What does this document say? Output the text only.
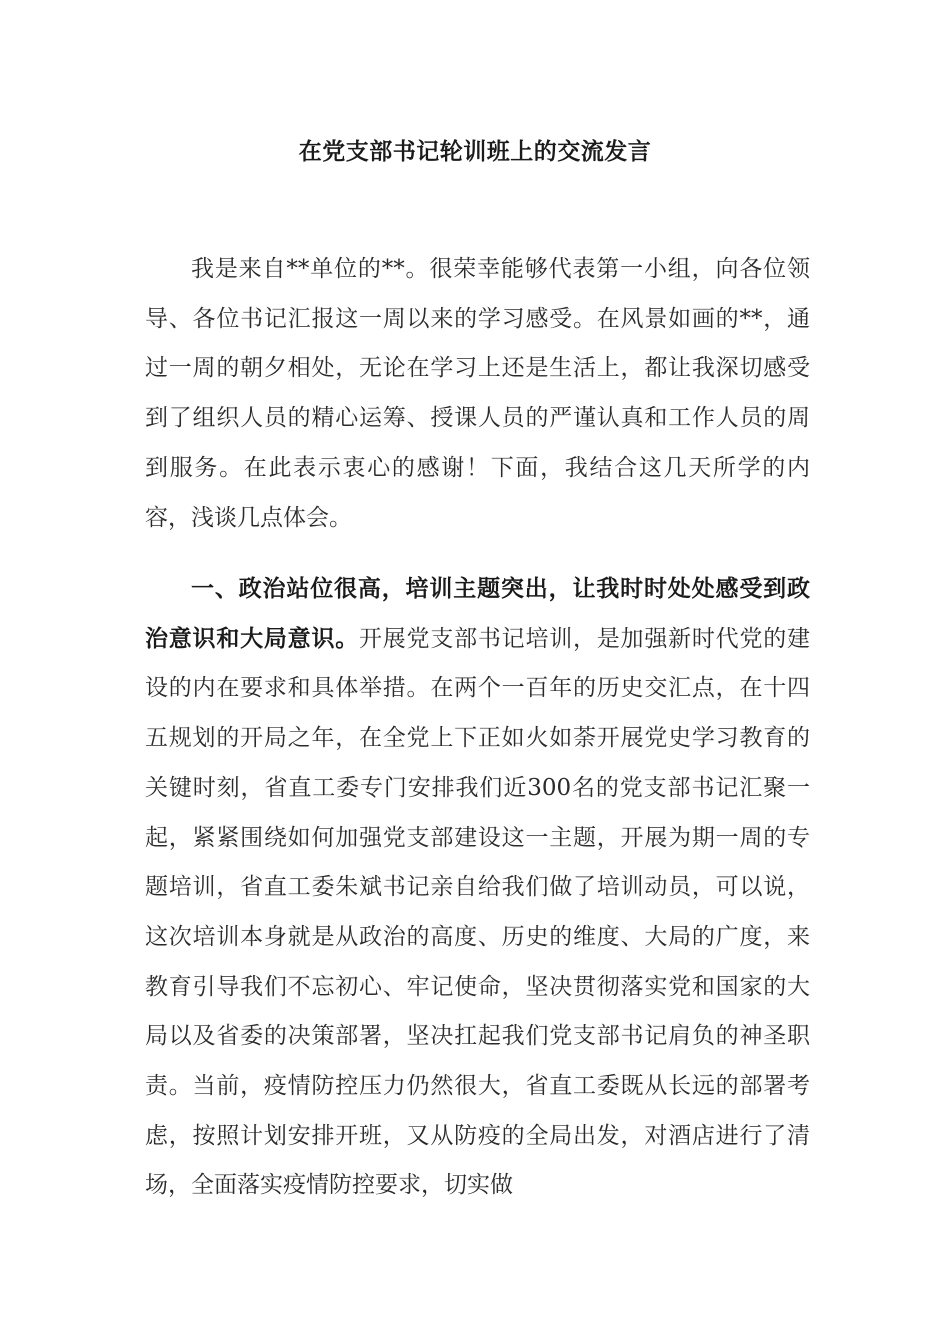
在党支部书记轮训班上的交流发言

我是来自**单位的**。很荣幸能够代表第一小组，向各位领导、各位书记汇报这一周以来的学习感受。在风景如画的**，通过一周的朝夕相处，无论在学习上还是生活上，都让我深切感受到了组织人员的精心运筹、授课人员的严谨认真和工作人员的周到服务。在此表示衷心的感谢！下面，我结合这几天所学的内容，浅谈几点体会。

一、政治站位很高，培训主题突出，让我时时处处感受到政治意识和大局意识。开展党支部书记培训，是加强新时代党的建设的内在要求和具体举措。在两个一百年的历史交汇点，在十四五规划的开局之年，在全党上下正如火如荼开展党史学习教育的关键时刻，省直工委专门安排我们近300名的党支部书记汇聚一起，紧紧围绕如何加强党支部建设这一主题，开展为期一周的专题培训，省直工委朱斌书记亲自给我们做了培训动员，可以说，这次培训本身就是从政治的高度、历史的维度、大局的广度，来教育引导我们不忘初心、牢记使命，坚决贯彻落实党和国家的大局以及省委的决策部署，坚决扛起我们党支部书记肩负的神圣职责。当前，疫情防控压力仍然很大，省直工委既从长远的部署考虑，按照计划安排开班，又从防疫的全局出发，对酒店进行了清场，全面落实疫情防控要求，切实做
